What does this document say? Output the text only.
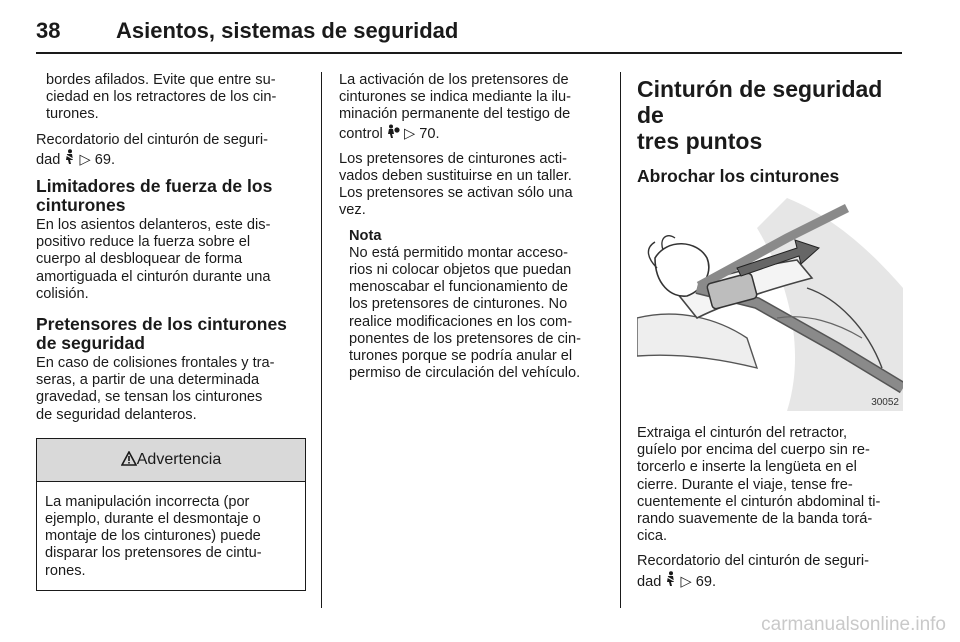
38	Asientos, sistemas de seguridad
bordes afilados. Evite que entre su-
ciedad en los retractores de los cin-
turones.
Recordatorio del cinturón de seguri-
dad ▷ 69.
Limitadores de fuerza de los
cinturones
En los asientos delanteros, este dis-
positivo reduce la fuerza sobre el
cuerpo al desbloquear de forma
amortiguada el cinturón durante una
colisión.
Pretensores de los cinturones
de seguridad
En caso de colisiones frontales y tra-
seras, a partir de una determinada
gravedad, se tensan los cinturones
de seguridad delanteros.
Advertencia
La manipulación incorrecta (por
ejemplo, durante el desmontaje o
montaje de los cinturones) puede
disparar los pretensores de cintu-
rones.
La activación de los pretensores de
cinturones se indica mediante la ilu-
minación permanente del testigo de
control ▷ 70.
Los pretensores de cinturones acti-
vados deben sustituirse en un taller.
Los pretensores se activan sólo una
vez.
Nota
No está permitido montar acceso-
rios ni colocar objetos que puedan
menoscabar el funcionamiento de
los pretensores de cinturones. No
realice modificaciones en los com-
ponentes de los pretensores de cin-
turones porque se podría anular el
permiso de circulación del vehículo.
Cinturón de seguridad de
tres puntos
Abrochar los cinturones
30052
Extraiga el cinturón del retractor,
guíelo por encima del cuerpo sin re-
torcerlo e inserte la lengüeta en el
cierre. Durante el viaje, tense fre-
cuentemente el cinturón abdominal ti-
rando suavemente de la banda torá-
cica.
Recordatorio del cinturón de seguri-
dad ▷ 69.
carmanualsonline.info
